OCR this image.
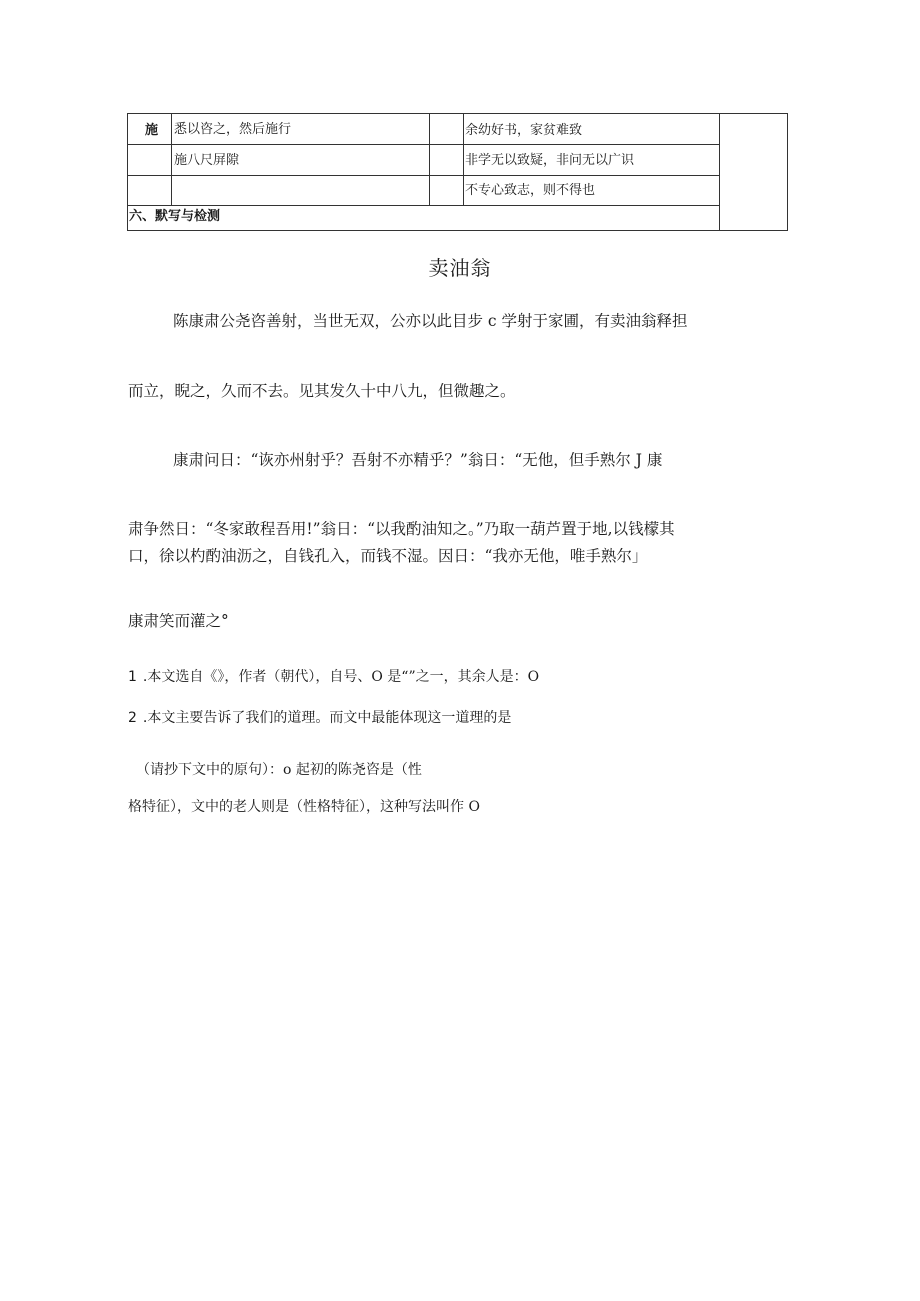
施 悉以咨之，然后施行	余幼好书，家贫难致
施八尺屏隙	非学无以致疑，非问无以广识
不专心致志，则不得也
六、默写与检测
卖油翁
陈康肃公尧咨善射，当世无双，公亦以此目步 c 学射于家圃，有卖油翁释担
而立，睨之，久而不去。见其发久十中八九，但微趣之。
康肃问日：“诙亦州射乎？吾射不亦精乎？”翁日：“无他，但手熟尔 J 康
肃争然日：“冬家敢程吾用!”翁日：“以我酌油知之。”乃取一葫芦置于地,以钱檬其
口，徐以杓酌油沥之，自钱孔入，而钱不湿。因日：“我亦无他，唯手熟尔」
康肃笑而灌之°
1 .本文选自《》，作者（朝代），自号、O 是“”之一，其余人是：O
2 .本文主要告诉了我们的道理。而文中最能体现这一道理的是
（请抄下文中的原句）：o 起初的陈尧咨是（性
格特征），文中的老人则是（性格特征），这种写法叫作 O
